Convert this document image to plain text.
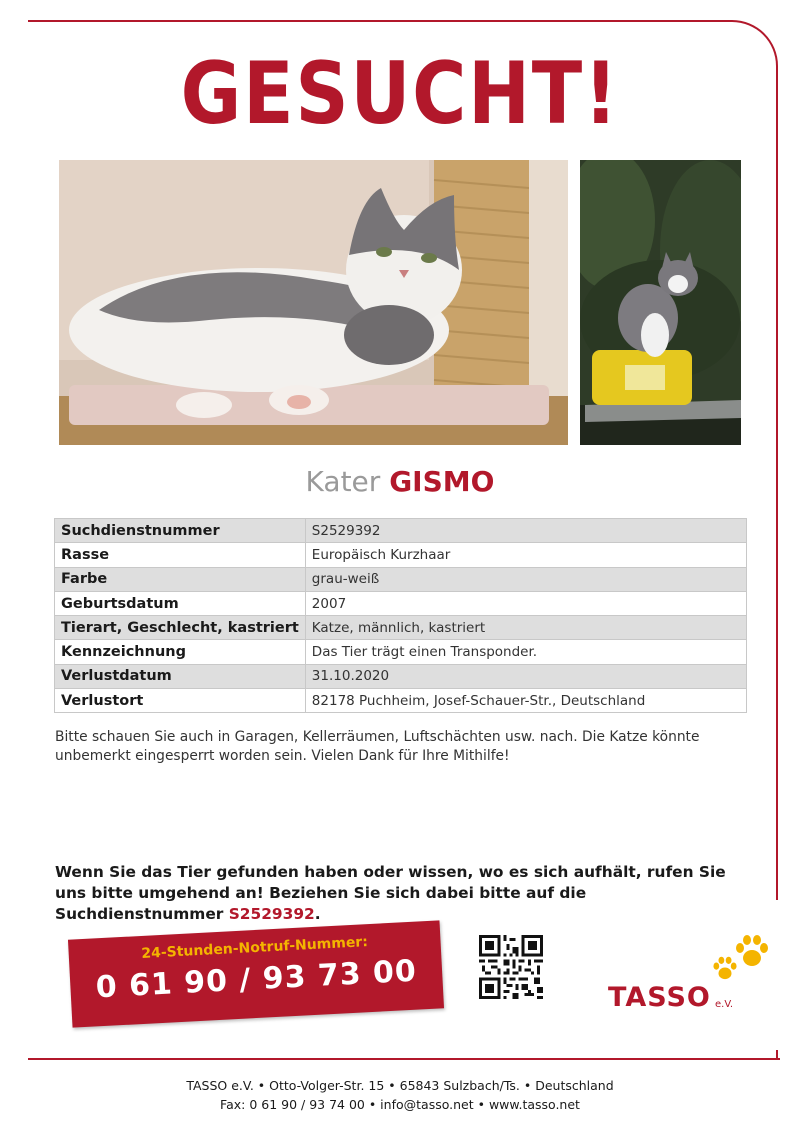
GESUCHT!
Kater GISMO
Suchdienstnummer	S2529392
Rasse	Europäisch Kurzhaar
Farbe	grau-weiß
Geburtsdatum	2007
Tierart, Geschlecht, kastriert	Katze, männlich, kastriert
Kennzeichnung	Das Tier trägt einen Transponder.
Verlustdatum	31.10.2020
Verlustort	82178 Puchheim, Josef-Schauer-Str., Deutschland
Bitte schauen Sie auch in Garagen, Kellerräumen, Luftschächten usw. nach. Die Katze könnte unbemerkt eingesperrt worden sein. Vielen Dank für Ihre Mithilfe!
Wenn Sie das Tier gefunden haben oder wissen, wo es sich aufhält, rufen Sie uns bitte umgehend an! Beziehen Sie sich dabei bitte auf die Suchdienstnummer S2529392.
24-Stunden-Notruf-Nummer:
0 61 90 / 93 73 00	TASSO e.V.
TASSO e.V. • Otto-Volger-Str. 15 • 65843 Sulzbach/Ts. • Deutschland
Fax: 0 61 90 / 93 74 00 • info@tasso.net • www.tasso.net
